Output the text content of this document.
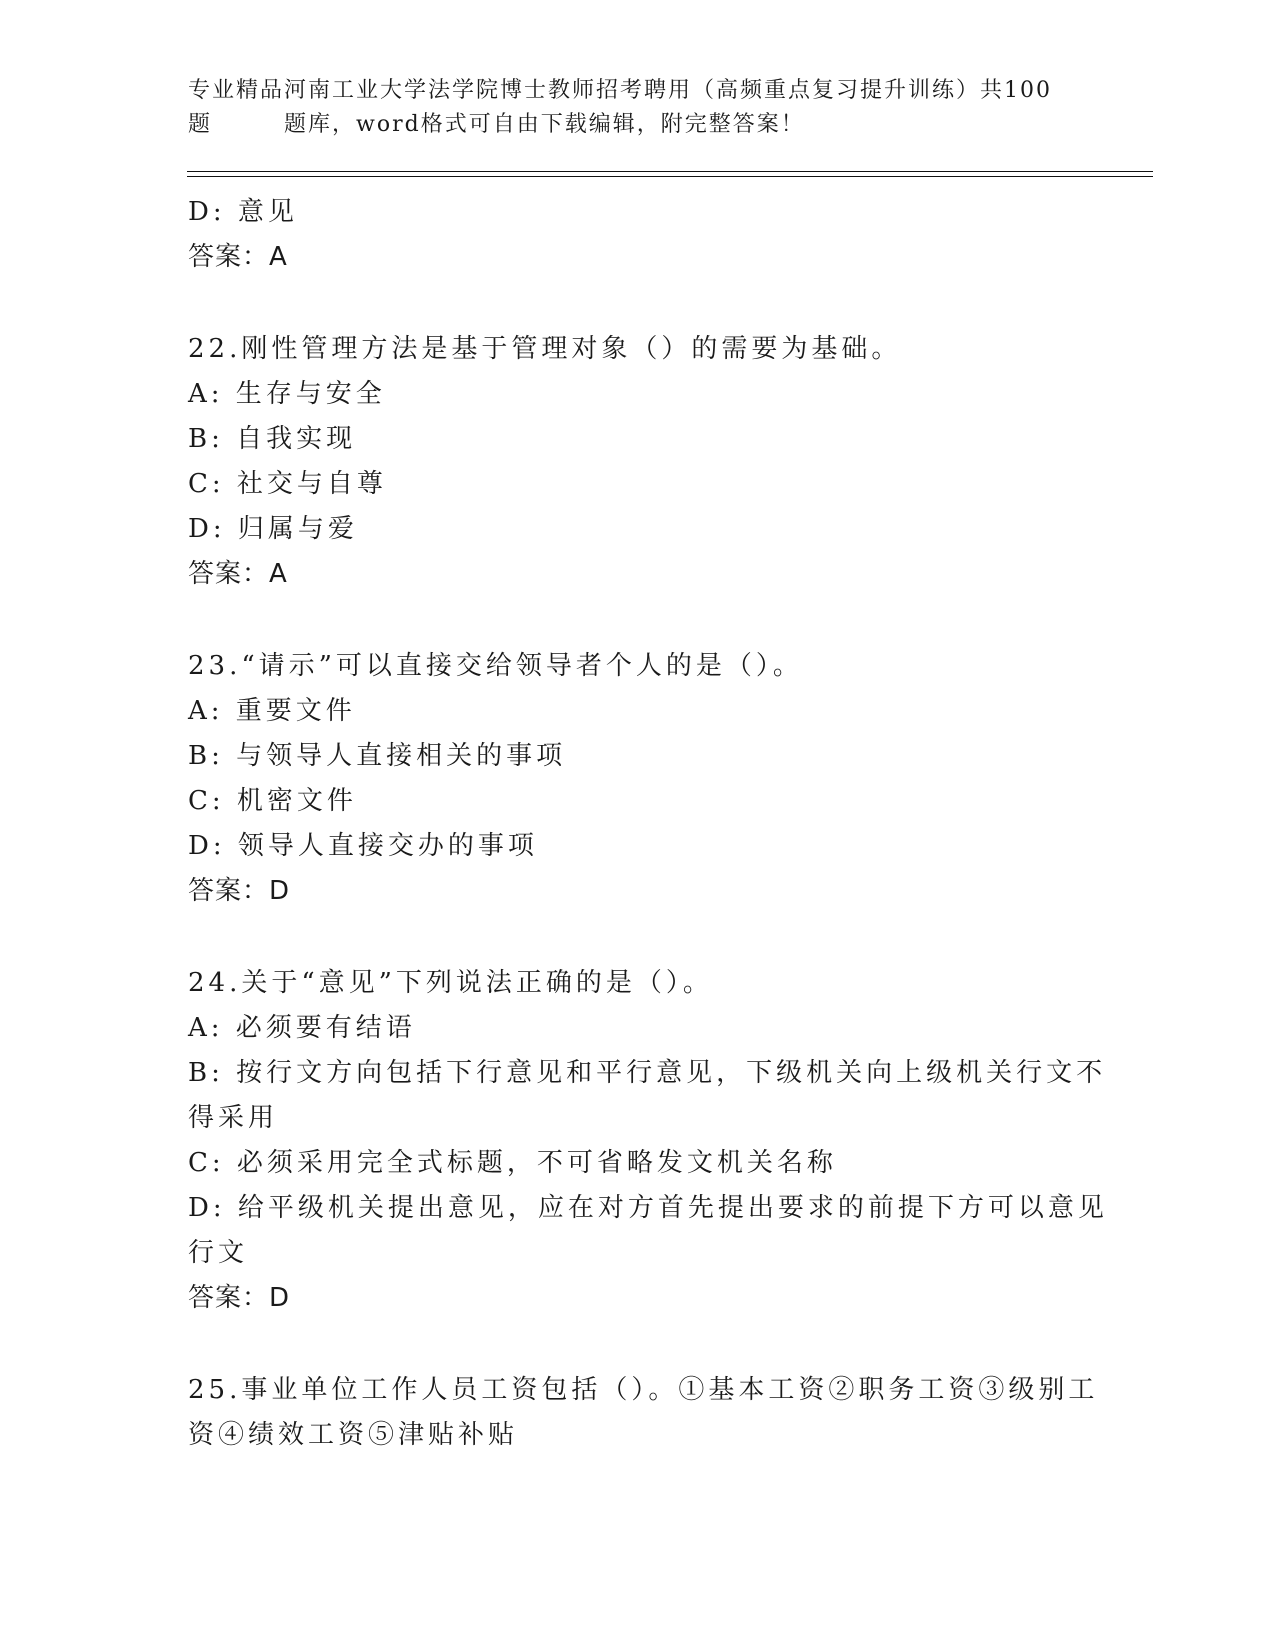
专业精品河南工业大学法学院博士教师招考聘用（高频重点复习提升训练）共100
题	题库，word格式可自由下载编辑，附完整答案！
D: 意见
答案：A
22.刚性管理方法是基于管理对象（）的需要为基础。
A: 生存与安全
B: 自我实现
C: 社交与自尊
D: 归属与爱
答案：A
23.“请示”可以直接交给领导者个人的是（）。
A: 重要文件
B: 与领导人直接相关的事项
C: 机密文件
D: 领导人直接交办的事项
答案：D
24.关于“意见”下列说法正确的是（）。
A: 必须要有结语
B: 按行文方向包括下行意见和平行意见，下级机关向上级机关行文不
得采用
C: 必须采用完全式标题，不可省略发文机关名称
D: 给平级机关提出意见，应在对方首先提出要求的前提下方可以意见
行文
答案：D
25.事业单位工作人员工资包括（）。①基本工资②职务工资③级别工
资④绩效工资⑤津贴补贴
